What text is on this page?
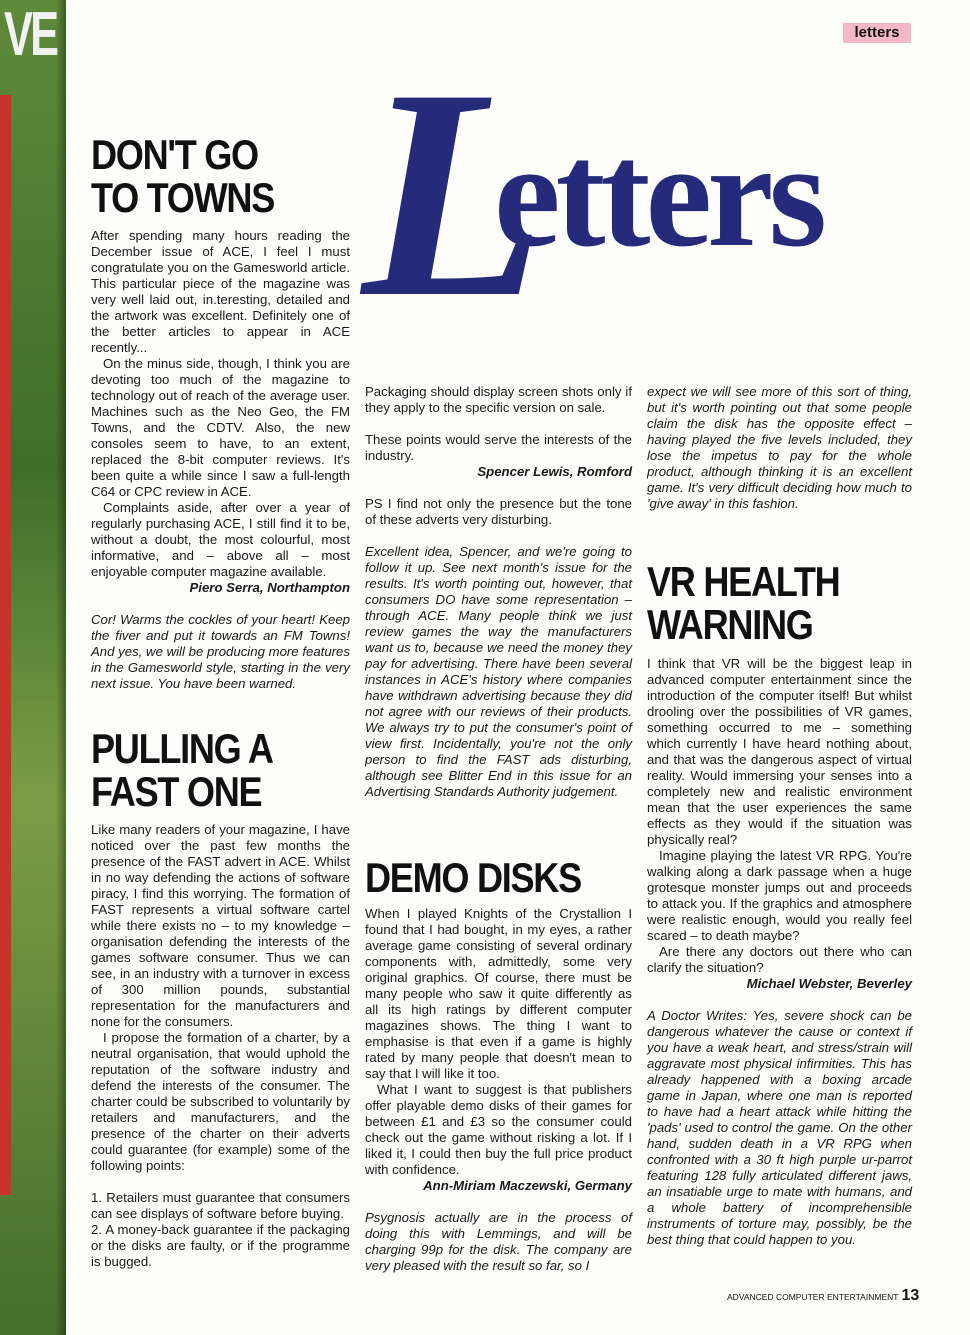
VE	letters
L
etters
DON'T GO
TO TOWNS

After spending many hours reading the December issue of ACE, I feel I must congratulate you on the Gamesworld article. This particular piece of the magazine was very well laid out, in.teresting, detailed and the artwork was excellent. Definitely one of the better articles to appear in ACE recently...

On the minus side, though, I think you are devoting too much of the magazine to technology out of reach of the average user. Machines such as the Neo Geo, the FM Towns, and the CDTV. Also, the new consoles seem to have, to an extent, replaced the 8-bit computer reviews. It's been quite a while since I saw a full-length C64 or CPC review in ACE.

Complaints aside, after over a year of regularly purchasing ACE, I still find it to be, without a doubt, the most colourful, most informative, and – above all – most enjoyable computer magazine available.

Piero Serra, Northampton

Cor! Warms the cockles of your heart! Keep the fiver and put it towards an FM Towns! And yes, we will be producing more features in the Gamesworld style, starting in the very next issue. You have been warned.

PULLING A
FAST ONE

Like many readers of your magazine, I have noticed over the past few months the presence of the FAST advert in ACE. Whilst in no way defending the actions of software piracy, I find this worrying. The formation of FAST represents a virtual software cartel while there exists no – to my knowledge – organisation defending the interests of the games software consumer. Thus we can see, in an industry with a turnover in excess of 300 million pounds, substantial representation for the manufacturers and none for the consumers.

I propose the formation of a charter, by a neutral organisation, that would uphold the reputation of the software industry and defend the interests of the consumer. The charter could be subscribed to voluntarily by retailers and manufacturers, and the presence of the charter on their adverts could guarantee (for example) some of the following points:

1. Retailers must guarantee that consumers can see displays of software before buying.

2. A money-back guarantee if the packaging or the disks are faulty, or if the programme is bugged.

Packaging should display screen shots only if they apply to the specific version on sale.

These points would serve the interests of the industry.

Spencer Lewis, Romford

PS I find not only the presence but the tone of these adverts very disturbing.

Excellent idea, Spencer, and we're going to follow it up. See next month's issue for the results. It's worth pointing out, however, that consumers DO have some representation – through ACE. Many people think we just review games the way the manufacturers want us to, because we need the money they pay for advertising. There have been several instances in ACE's history where companies have withdrawn advertising because they did not agree with our reviews of their products. We always try to put the consumer's point of view first. Incidentally, you're not the only person to find the FAST ads disturbing, although see Blitter End in this issue for an Advertising Standards Authority judgement.

DEMO DISKS

When I played Knights of the Crystallion I found that I had bought, in my eyes, a rather average game consisting of several ordinary components with, admittedly, some very original graphics. Of course, there must be many people who saw it quite differently as all its high ratings by different computer magazines shows. The thing I want to emphasise is that even if a game is highly rated by many people that doesn't mean to say that I will like it too.

What I want to suggest is that publishers offer playable demo disks of their games for between £1 and £3 so the consumer could check out the game without risking a lot. If I liked it, I could then buy the full price product with confidence.

Ann-Miriam Maczewski, Germany

Psygnosis actually are in the process of doing this with Lemmings, and will be charging 99p for the disk. The company are very pleased with the result so far, so I

VR HEALTH
WARNING

I think that VR will be the biggest leap in advanced computer entertainment since the introduction of the computer itself! But whilst drooling over the possibilities of VR games, something occurred to me – something which currently I have heard nothing about, and that was the dangerous aspect of virtual reality. Would immersing your senses into a completely new and realistic environment mean that the user experiences the same effects as they would if the situation was physically real?

Imagine playing the latest VR RPG. You're walking along a dark passage when a huge grotesque monster jumps out and proceeds to attack you. If the graphics and atmosphere were realistic enough, would you really feel scared – to death maybe?

Are there any doctors out there who can clarify the situation?

Michael Webster, Beverley

A Doctor Writes: Yes, severe shock can be dangerous whatever the cause or context if you have a weak heart, and stress/strain will aggravate most physical infirmities. This has already happened with a boxing arcade game in Japan, where one man is reported to have had a heart attack while hitting the 'pads' used to control the game. On the other hand, sudden death in a VR RPG when confronted with a 30 ft high purple ur-parrot featuring 128 fully articulated different jaws, an insatiable urge to mate with humans, and a whole battery of incomprehensible instruments of torture may, possibly, be the best thing that could happen to you.

ADVANCED COMPUTER ENTERTAINMENT 13

expect we will see more of this sort of thing, but it's worth pointing out that some people claim the disk has the opposite effect – having played the five levels included, they lose the impetus to pay for the whole product, although thinking it is an excellent game. It's very difficult deciding how much to 'give away' in this fashion.
